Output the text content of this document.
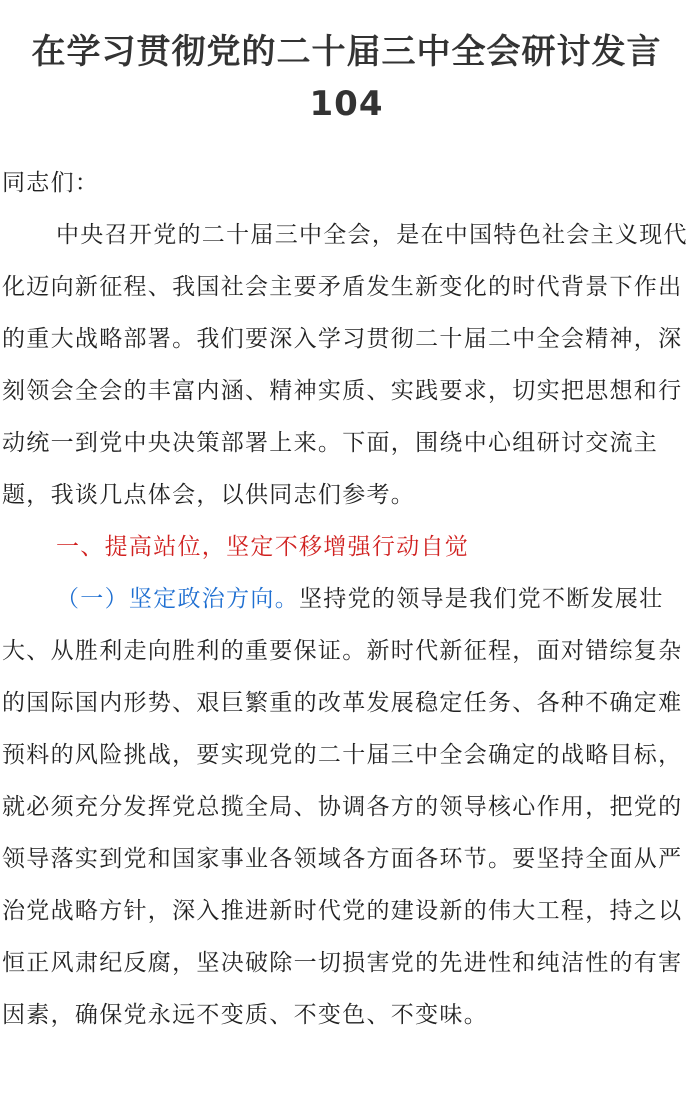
在学习贯彻党的二十届三中全会研讨发言
104

同志们：

中央召开党的二十届三中全会，是在中国特色社会主义现代化迈向新征程、我国社会主要矛盾发生新变化的时代背景下作出的重大战略部署。我们要深入学习贯彻二十届二中全会精神，深刻领会全会的丰富内涵、精神实质、实践要求，切实把思想和行动统一到党中央决策部署上来。下面，围绕中心组研讨交流主题，我谈几点体会，以供同志们参考。

一、提高站位，坚定不移增强行动自觉

（一）坚定政治方向。坚持党的领导是我们党不断发展壮大、从胜利走向胜利的重要保证。新时代新征程，面对错综复杂的国际国内形势、艰巨繁重的改革发展稳定任务、各种不确定难预料的风险挑战，要实现党的二十届三中全会确定的战略目标，就必须充分发挥党总揽全局、协调各方的领导核心作用，把党的领导落实到党和国家事业各领域各方面各环节。要坚持全面从严治党战略方针，深入推进新时代党的建设新的伟大工程，持之以恒正风肃纪反腐，坚决破除一切损害党的先进性和纯洁性的有害因素，确保党永远不变质、不变色、不变味。
